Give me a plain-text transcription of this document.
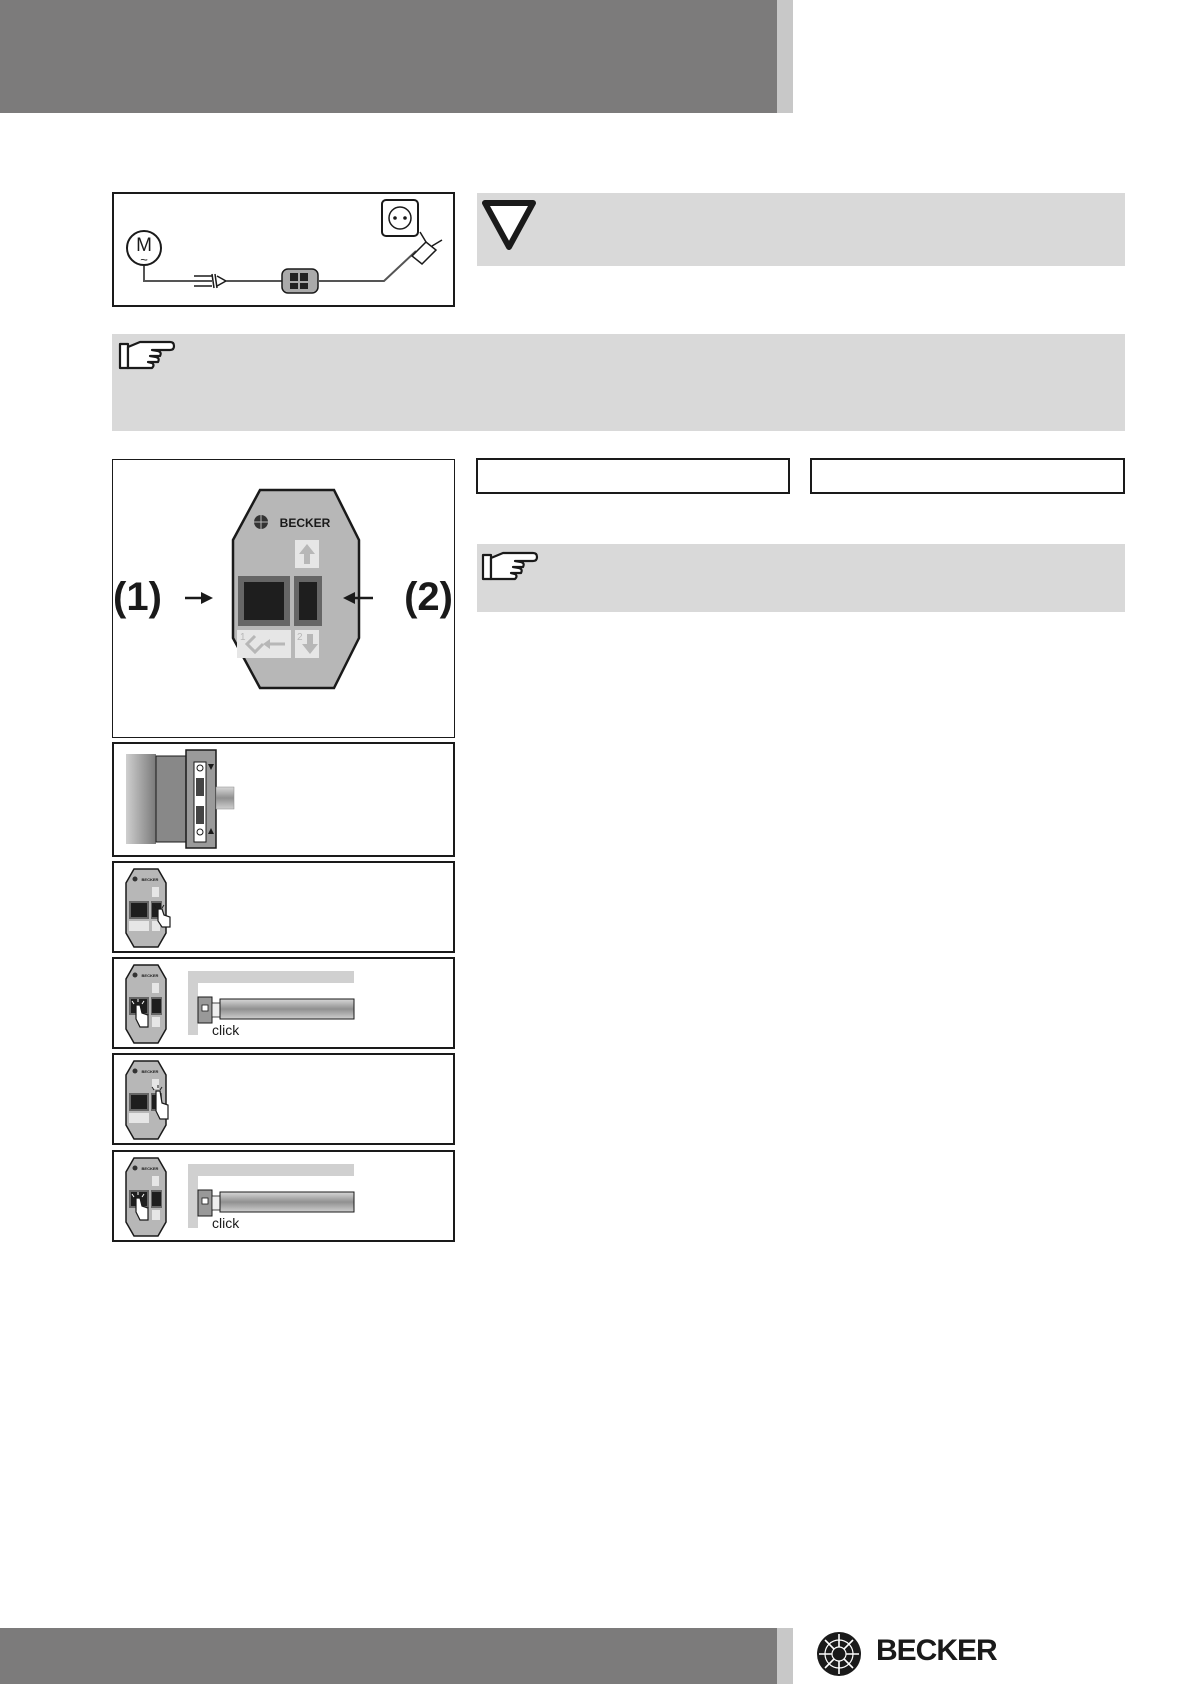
M
~
BECKER
1	2
(1)	(2)
BECKER
BECKER
click
BECKER
BECKER
click
BECKER
